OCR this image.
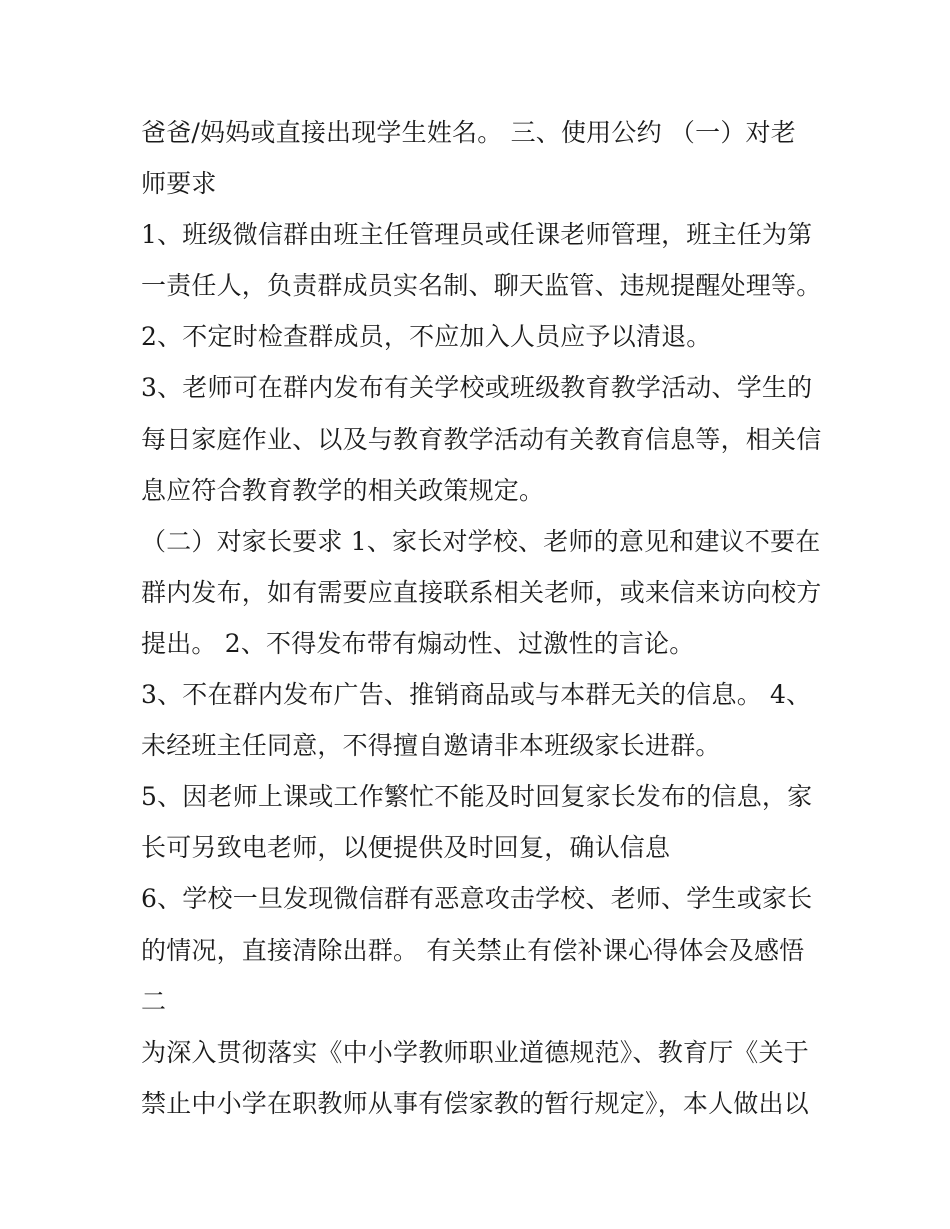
爸爸/妈妈或直接出现学生姓名。 三、使用公约 （一）对老
师要求
1、班级微信群由班主任管理员或任课老师管理，班主任为第
一责任人，负责群成员实名制、聊天监管、违规提醒处理等。
2、不定时检查群成员，不应加入人员应予以清退。
3、老师可在群内发布有关学校或班级教育教学活动、学生的
每日家庭作业、以及与教育教学活动有关教育信息等，相关信
息应符合教育教学的相关政策规定。
（二）对家长要求 1、家长对学校、老师的意见和建议不要在
群内发布，如有需要应直接联系相关老师，或来信来访向校方
提出。 2、不得发布带有煽动性、过激性的言论。
3、不在群内发布广告、推销商品或与本群无关的信息。 4、
未经班主任同意，不得擅自邀请非本班级家长进群。
5、因老师上课或工作繁忙不能及时回复家长发布的信息，家
长可另致电老师，以便提供及时回复，确认信息
6、学校一旦发现微信群有恶意攻击学校、老师、学生或家长
的情况，直接清除出群。 有关禁止有偿补课心得体会及感悟
二
为深入贯彻落实《中小学教师职业道德规范》、教育厅《关于
禁止中小学在职教师从事有偿家教的暂行规定》，本人做出以
